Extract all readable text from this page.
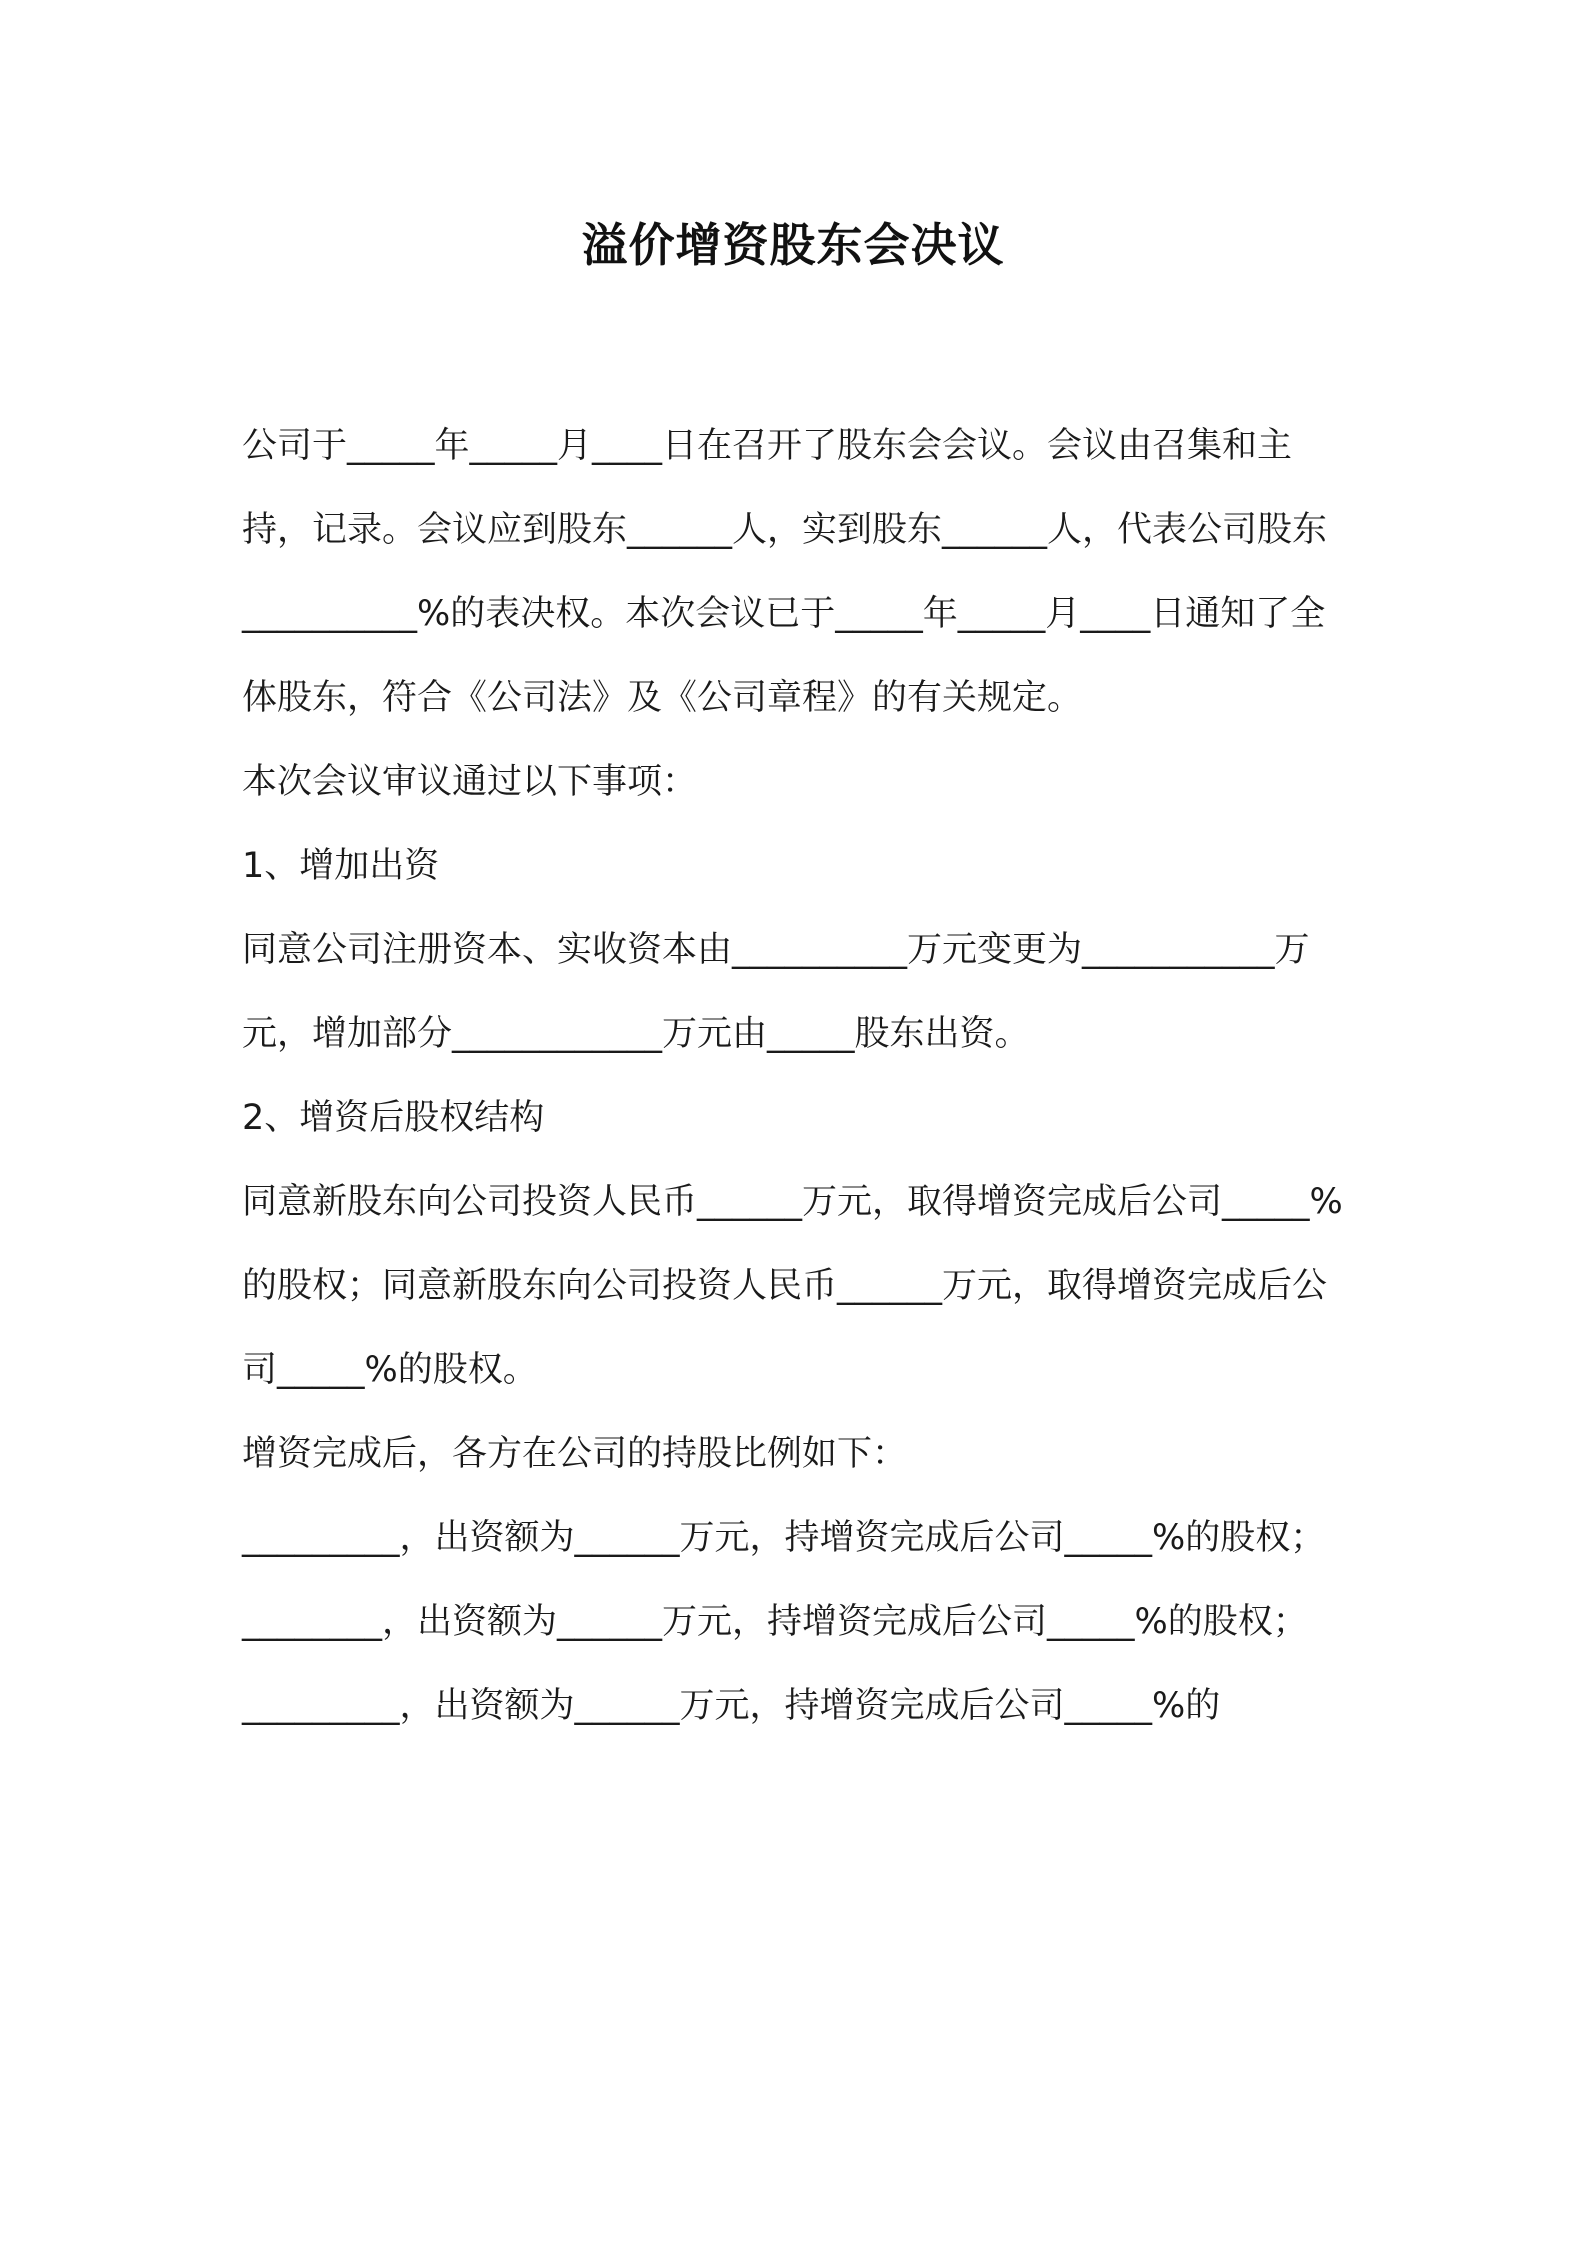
溢价增资股东会决议

公司于_____年_____月____日在召开了股东会会议。会议由召集和主持，记录。会议应到股东______人，实到股东______人，代表公司股东__________%的表决权。本次会议已于_____年_____月____日通知了全体股东，符合《公司法》及《公司章程》的有关规定。

本次会议审议通过以下事项：

1、增加出资

同意公司注册资本、实收资本由__________万元变更为___________万元，增加部分____________万元由_____股东出资。

2、增资后股权结构

同意新股东向公司投资人民币______万元，取得增资完成后公司_____%的股权；同意新股东向公司投资人民币______万元，取得增资完成后公司_____%的股权。

增资完成后，各方在公司的持股比例如下：

_________，出资额为______万元，持增资完成后公司_____%的股权；

________，出资额为______万元，持增资完成后公司_____%的股权；

_________，出资额为______万元，持增资完成后公司_____%的
